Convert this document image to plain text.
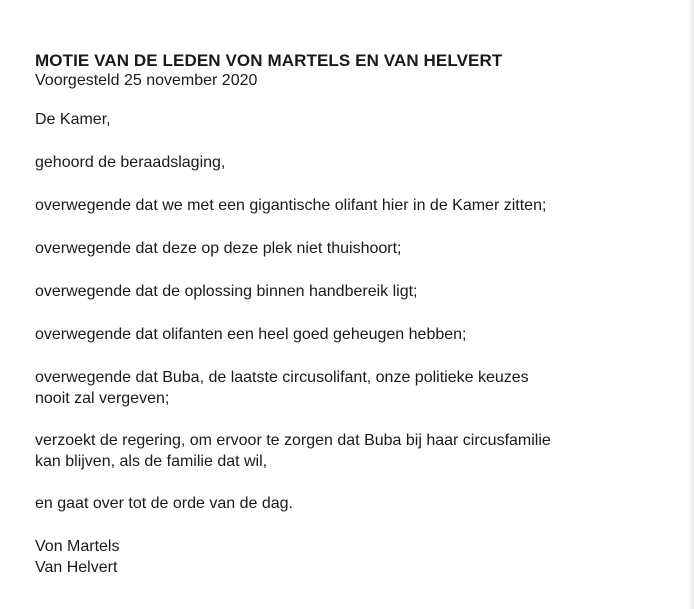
MOTIE VAN DE LEDEN VON MARTELS EN VAN HELVERT

Voorgesteld 25 november 2020

De Kamer,

gehoord de beraadslaging,

overwegende dat we met een gigantische olifant hier in de Kamer zitten;

overwegende dat deze op deze plek niet thuishoort;

overwegende dat de oplossing binnen handbereik ligt;

overwegende dat olifanten een heel goed geheugen hebben;

overwegende dat Buba, de laatste circusolifant, onze politieke keuzes
nooit zal vergeven;

verzoekt de regering, om ervoor te zorgen dat Buba bij haar circusfamilie
kan blijven, als de familie dat wil,

en gaat over tot de orde van de dag.

Von Martels

Van Helvert
